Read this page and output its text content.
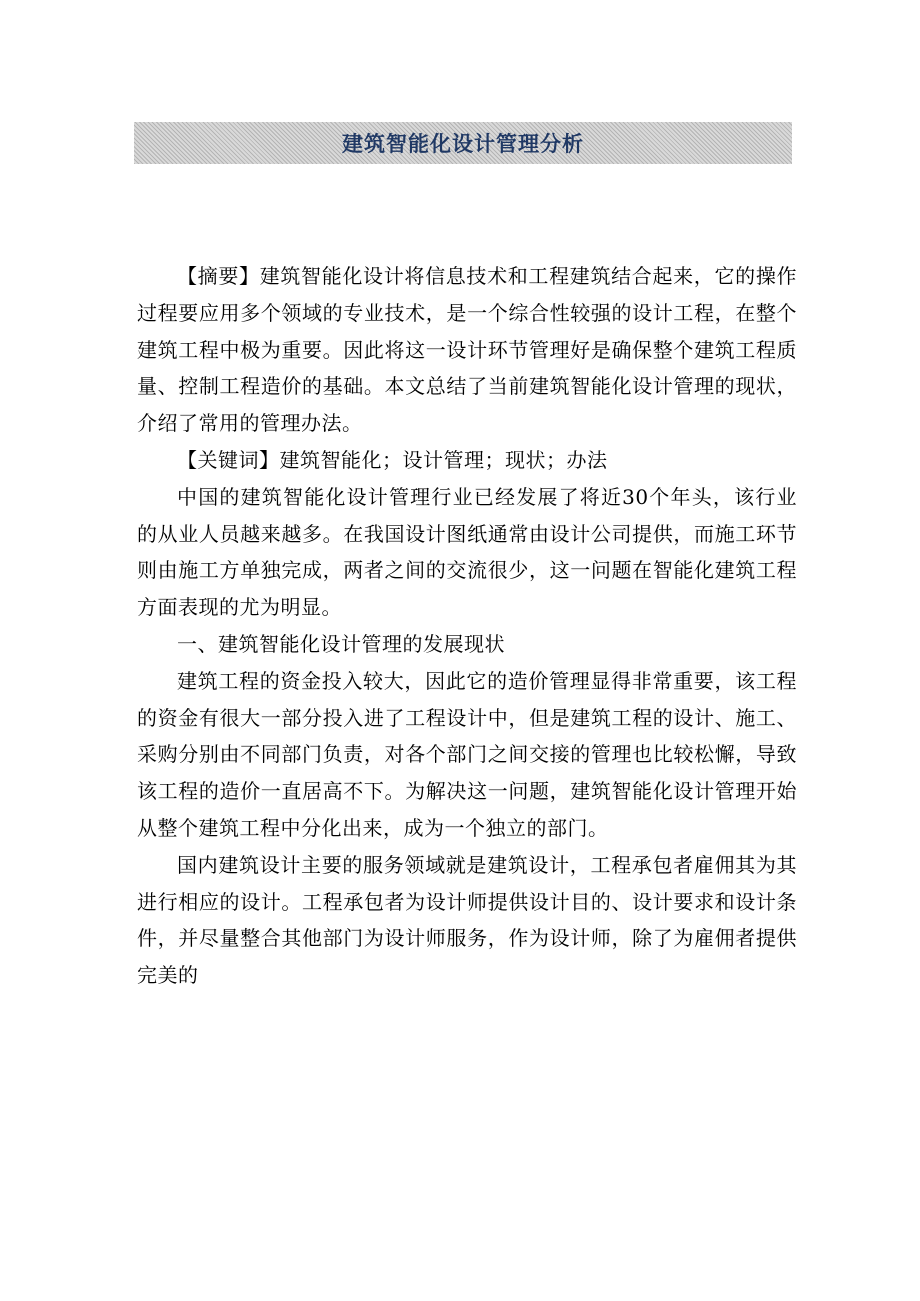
建筑智能化设计管理分析

【摘要】建筑智能化设计将信息技术和工程建筑结合起来，它的操作过程要应用多个领域的专业技术，是一个综合性较强的设计工程，在整个建筑工程中极为重要。因此将这一设计环节管理好是确保整个建筑工程质量、控制工程造价的基础。本文总结了当前建筑智能化设计管理的现状，介绍了常用的管理办法。

【关键词】建筑智能化；设计管理；现状；办法

中国的建筑智能化设计管理行业已经发展了将近30个年头，该行业的从业人员越来越多。在我国设计图纸通常由设计公司提供，而施工环节则由施工方单独完成，两者之间的交流很少，这一问题在智能化建筑工程方面表现的尤为明显。

一、建筑智能化设计管理的发展现状

建筑工程的资金投入较大，因此它的造价管理显得非常重要，该工程的资金有很大一部分投入进了工程设计中，但是建筑工程的设计、施工、采购分别由不同部门负责，对各个部门之间交接的管理也比较松懈，导致该工程的造价一直居高不下。为解决这一问题，建筑智能化设计管理开始从整个建筑工程中分化出来，成为一个独立的部门。

国内建筑设计主要的服务领域就是建筑设计，工程承包者雇佣其为其进行相应的设计。工程承包者为设计师提供设计目的、设计要求和设计条件，并尽量整合其他部门为设计师服务，作为设计师，除了为雇佣者提供完美的
